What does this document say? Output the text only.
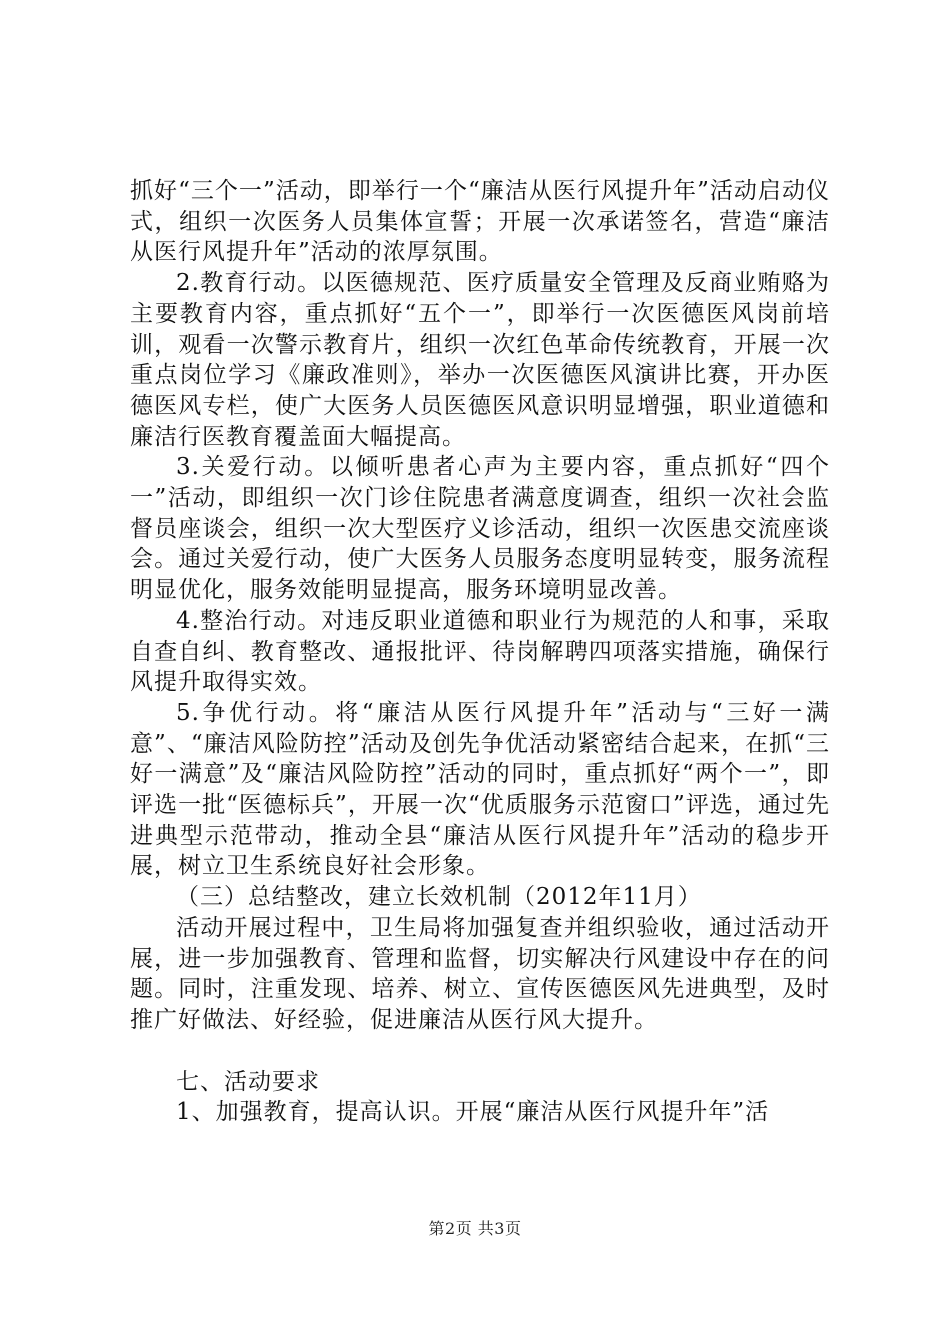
抓好“三个一”活动，即举行一个“廉洁从医行风提升年”活动启动仪式，组织一次医务人员集体宣誓；开展一次承诺签名，营造“廉洁从医行风提升年”活动的浓厚氛围。

2.教育行动。以医德规范、医疗质量安全管理及反商业贿赂为主要教育内容，重点抓好“五个一”，即举行一次医德医风岗前培训，观看一次警示教育片，组织一次红色革命传统教育，开展一次重点岗位学习《廉政准则》，举办一次医德医风演讲比赛，开办医德医风专栏，使广大医务人员医德医风意识明显增强，职业道德和廉洁行医教育覆盖面大幅提高。

3.关爱行动。以倾听患者心声为主要内容，重点抓好“四个一”活动，即组织一次门诊住院患者满意度调查，组织一次社会监督员座谈会，组织一次大型医疗义诊活动，组织一次医患交流座谈会。通过关爱行动，使广大医务人员服务态度明显转变，服务流程明显优化，服务效能明显提高，服务环境明显改善。

4.整治行动。对违反职业道德和职业行为规范的人和事，采取自查自纠、教育整改、通报批评、待岗解聘四项落实措施，确保行风提升取得实效。

5.争优行动。将“廉洁从医行风提升年”活动与“三好一满意”、“廉洁风险防控”活动及创先争优活动紧密结合起来，在抓“三好一满意”及“廉洁风险防控”活动的同时，重点抓好“两个一”，即评选一批“医德标兵”，开展一次“优质服务示范窗口”评选，通过先进典型示范带动，推动全县“廉洁从医行风提升年”活动的稳步开展，树立卫生系统良好社会形象。

（三）总结整改，建立长效机制（2012年11月）

活动开展过程中，卫生局将加强复查并组织验收，通过活动开展，进一步加强教育、管理和监督，切实解决行风建设中存在的问题。同时，注重发现、培养、树立、宣传医德医风先进典型，及时推广好做法、好经验，促进廉洁从医行风大提升。

七、活动要求

1、加强教育，提高认识。开展“廉洁从医行风提升年”活

第2页 共3页
